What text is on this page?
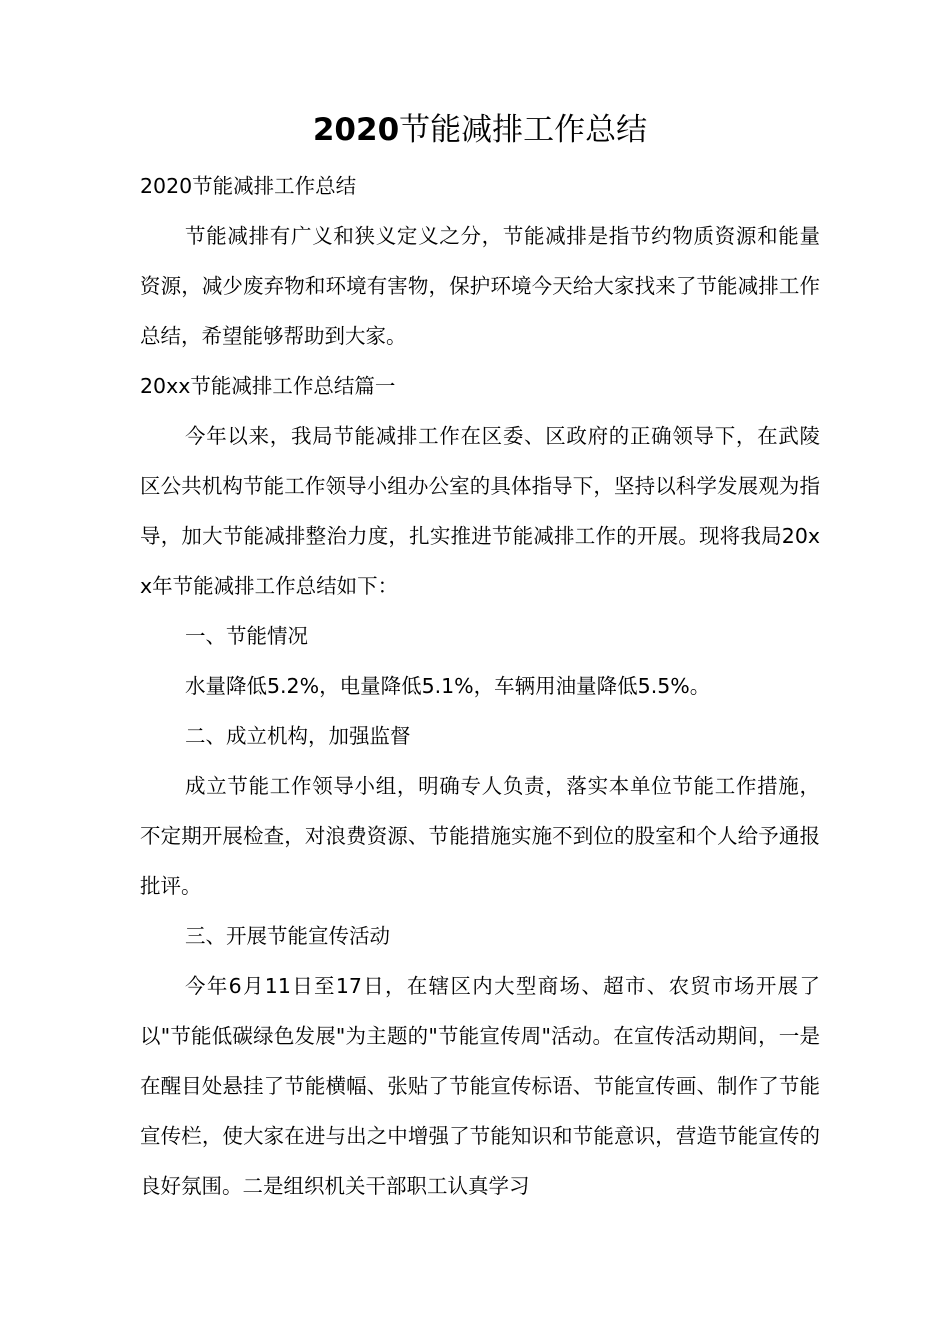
2020节能减排工作总结

2020节能减排工作总结

节能减排有广义和狭义定义之分，节能减排是指节约物质资源和能量资源，减少废弃物和环境有害物，保护环境今天给大家找来了节能减排工作总结，希望能够帮助到大家。

20xx节能减排工作总结篇一

今年以来，我局节能减排工作在区委、区政府的正确领导下，在武陵区公共机构节能工作领导小组办公室的具体指导下，坚持以科学发展观为指导，加大节能减排整治力度，扎实推进节能减排工作的开展。现将我局20xx年节能减排工作总结如下：

一、节能情况

水量降低5.2%，电量降低5.1%，车辆用油量降低5.5%。

二、成立机构，加强监督

成立节能工作领导小组，明确专人负责，落实本单位节能工作措施，不定期开展检查，对浪费资源、节能措施实施不到位的股室和个人给予通报批评。

三、开展节能宣传活动

今年6月11日至17日，在辖区内大型商场、超市、农贸市场开展了以"节能低碳绿色发展"为主题的"节能宣传周"活动。在宣传活动期间，一是在醒目处悬挂了节能横幅、张贴了节能宣传标语、节能宣传画、制作了节能宣传栏，使大家在进与出之中增强了节能知识和节能意识，营造节能宣传的良好氛围。二是组织机关干部职工认真学习
